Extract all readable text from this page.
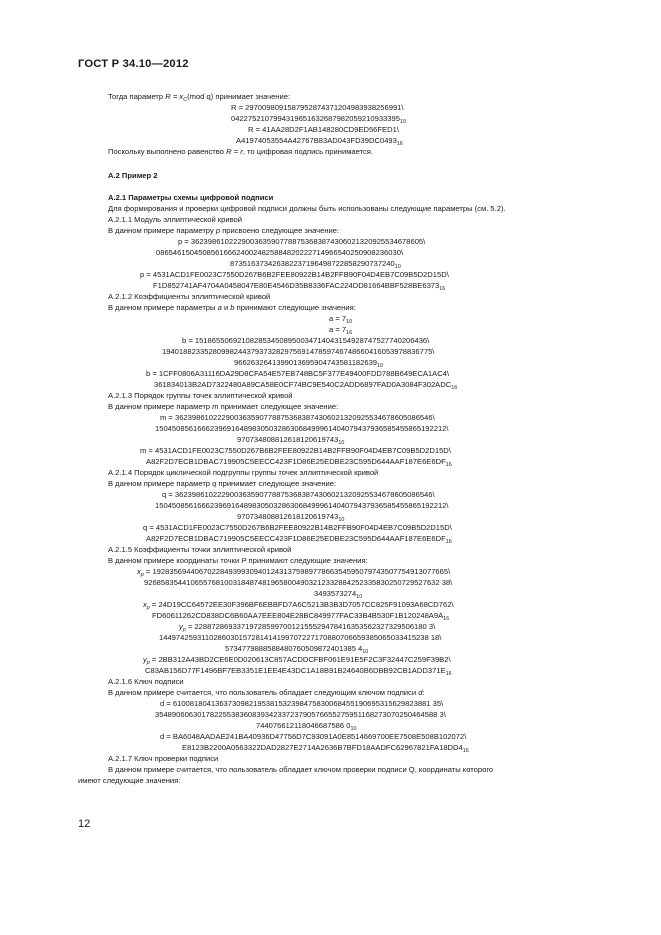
ГОСТ Р 34.10—2012
Тогда параметр $R = x_C(mod$ q) принимает значение:
R = 2970098091587952874371204983938256991\
$0422752107994319651632687982059210933395_{10}$
R = 41AA28D2F1AB148280CD9ED56FED1\
$A41974053554A42767B83AD043FD39DC0493_{16}$
Поскольку выполнено равенство R = r, то цифровая подпись принимается.
А.2 Пример 2
А.2.1 Параметры схемы цифровой подписи
Для формирования и проверки цифровой подписи должны быть использованы следующие параметры (см. 5.2).
А.2.1.1 Модуль эллиптической кривой
В данном примере параметру p присвоено следующее значение:
p = 3623986102229003635907788753683874306021320925534678605\
0865461504508561666240024825884820222714966540250908236030\
$873516373426382237196498722858290737240_{10}$
p = 4531ACD1FE0023C7550D267B6B2FEE80922B14B2FFB90F04D4EB7C09B5D2D15D\
$F1D852741AF4704A0458047E80E4546D35B8336FAC224DD81664BBF528BE6373_{16}$
А.2.1.2 Коэффициенты эллиптической кривой
В данном примере параметры a и b принимают следующие значения:
$a = 7_{10}$
$a = 7_{16}$
b = 1518655069210828534508950034714043154928747527740206436\
1940188233528099824437937328297569147859746748660416053978836775\
$9662632641399013695904743581182639_{10}$
b = 1CFF0806A31116DA29D8CFA54E57EB748BC5F377E49400FDD788B649ECA1AC4\
$361834013B2AD7322480A89CA58E0CF74BC9E540C2ADD6897FAD0A3084F302ADC_{16}$
А.2.1.3 Порядок группы точек эллиптической кривой
В данном примере параметр m принимает следующее значение:
m = 3623986102229003635907788753683874306021320925534678605086546\
150450856166623969164898305032863068499961404079437936585455865192212\
$970734808812618120619743_{10}$
m = 4531ACD1FE0023C7550D267B6B2FEE80922B14B2FFB90F04D4EB7C09B5D2D15D\
$A82F2D7ECB1DBAC719905C5EECC423F1D86E25EDBE23C595D644AAF187E6E6DF_{16}$
А.2.1.4 Порядок циклической подгруппы группы точек эллиптической кривой
В данном примере параметр q принимает следующее значение:
q = 3623986102229003635907788753683874306021320925534678605086546\
150450856166623969164898305032863068499961404079437936585455865192212\
$970734808812618120619743_{10}$
q = 4531ACD1FE0023C7550D267B6B2FEE80922B14B2FFB90F04D4EB7C09B5D2D15D\
$A82F2D7ECB1DBAC719905C5EECC423F1D86E25EDBE23C595D644AAF187E6E6DF_{16}$
А.2.1.5 Коэффициенты точки эллиптической кривой
В данном примере координаты точки P принимают следующие значения:
$x_p$ = 1928356944067022849399309401243137598977866354595079743507754913077665\
9268583544106557681003184874819658004903212332884252335830250729527632 38\
$3493573274_{10}$
$x_p$ = 24D19CC64572EE30F396BF6EBBFD7A6C5213B3B3D7057CC825F91093A68CD762\
$FD60611262CD838DC6B60AA7EEE804E28BC849977FAC33B4B530F1B120248A9A_{16}$
$y_p = 2288728693371972859970012155529478416353562327329506180$ 3\
1449742593110286030157281414199707227170880706659385065033415238 18\
5734779888588480760509872401385 $4_{10}$
$y_p$ = 2BB312A43BD2CE6E0D020613C857ACDDCFBF061E91E5F2C3F32447C259F39B2\
$C83AB156D77F1496BF7EB3351E1EE4E43DC1A18B91B24640B6DBB92CB1ADD371E_{16}$
А.2.1.6 Ключ подписи
В данном примере считается, что пользователь обладает следующим ключом подписи d:
d = 6100818041363730982195381532398475830068455190695315629823881 35\
3548906063017822553836083934233723790576655275951168273070250464588 3\
744076612118046687586 $0_{10}$
d = BA6048AADAE241BA40936D47756D7C93091A0E8514669700EE7508E508B102072\
$E8123B2200A0563322DAD2827E2714A2636B7BFD18AADFC62967821FA18DD4_{16}$
А.2.1.7 Ключ проверки подписи
В данном примере считается, что пользователь обладает ключом проверки подписи Q, координаты которого
имеют следующие значения:
12
